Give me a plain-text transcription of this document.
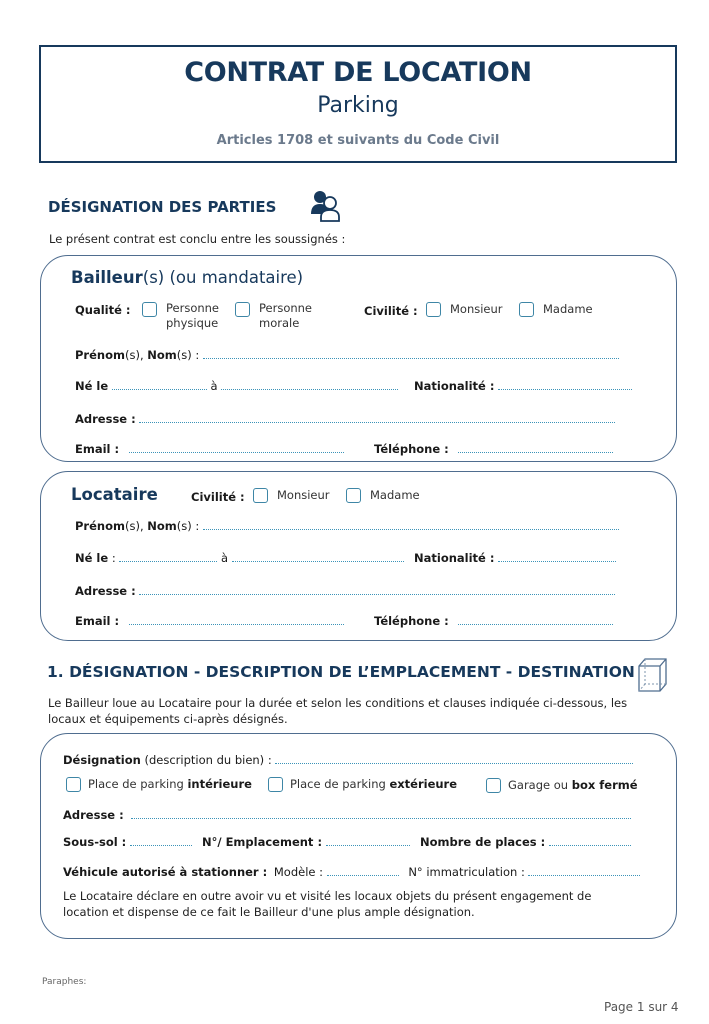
CONTRAT DE LOCATION
Parking
Articles 1708 et suivants du Code Civil
DÉSIGNATION DES PARTIES
Le présent contrat est conclu entre les soussignés :
Bailleur(s) (ou mandataire)
Qualité :	Personne
physique
Personne
morale
Civilité :	Monsieur	Madame
Prénom(s), Nom(s) :
Né le	à	Nationalité :
Adresse :
Email :	Téléphone :
Locataire	Civilité :	Monsieur	Madame
Prénom(s), Nom(s) :
Né le :	à	Nationalité :
Adresse :
Email :	Téléphone :
1. DÉSIGNATION - DESCRIPTION DE L’EMPLACEMENT - DESTINATION
Le Bailleur loue au Locataire pour la durée et selon les conditions et clauses indiquée ci-dessous, les
locaux et équipements ci-après désignés.
Désignation (description du bien) :
Place de parking intérieure	Place de parking extérieure	Garage ou box fermé
Adresse :
Sous-sol :	N°/ Emplacement :	Nombre de places :
Véhicule autorisé à stationner : Modèle :	N° immatriculation :
Le Locataire déclare en outre avoir vu et visité les locaux objets du présent engagement de
location et dispense de ce fait le Bailleur d'une plus ample désignation.
Paraphes:
Page 1 sur 4
